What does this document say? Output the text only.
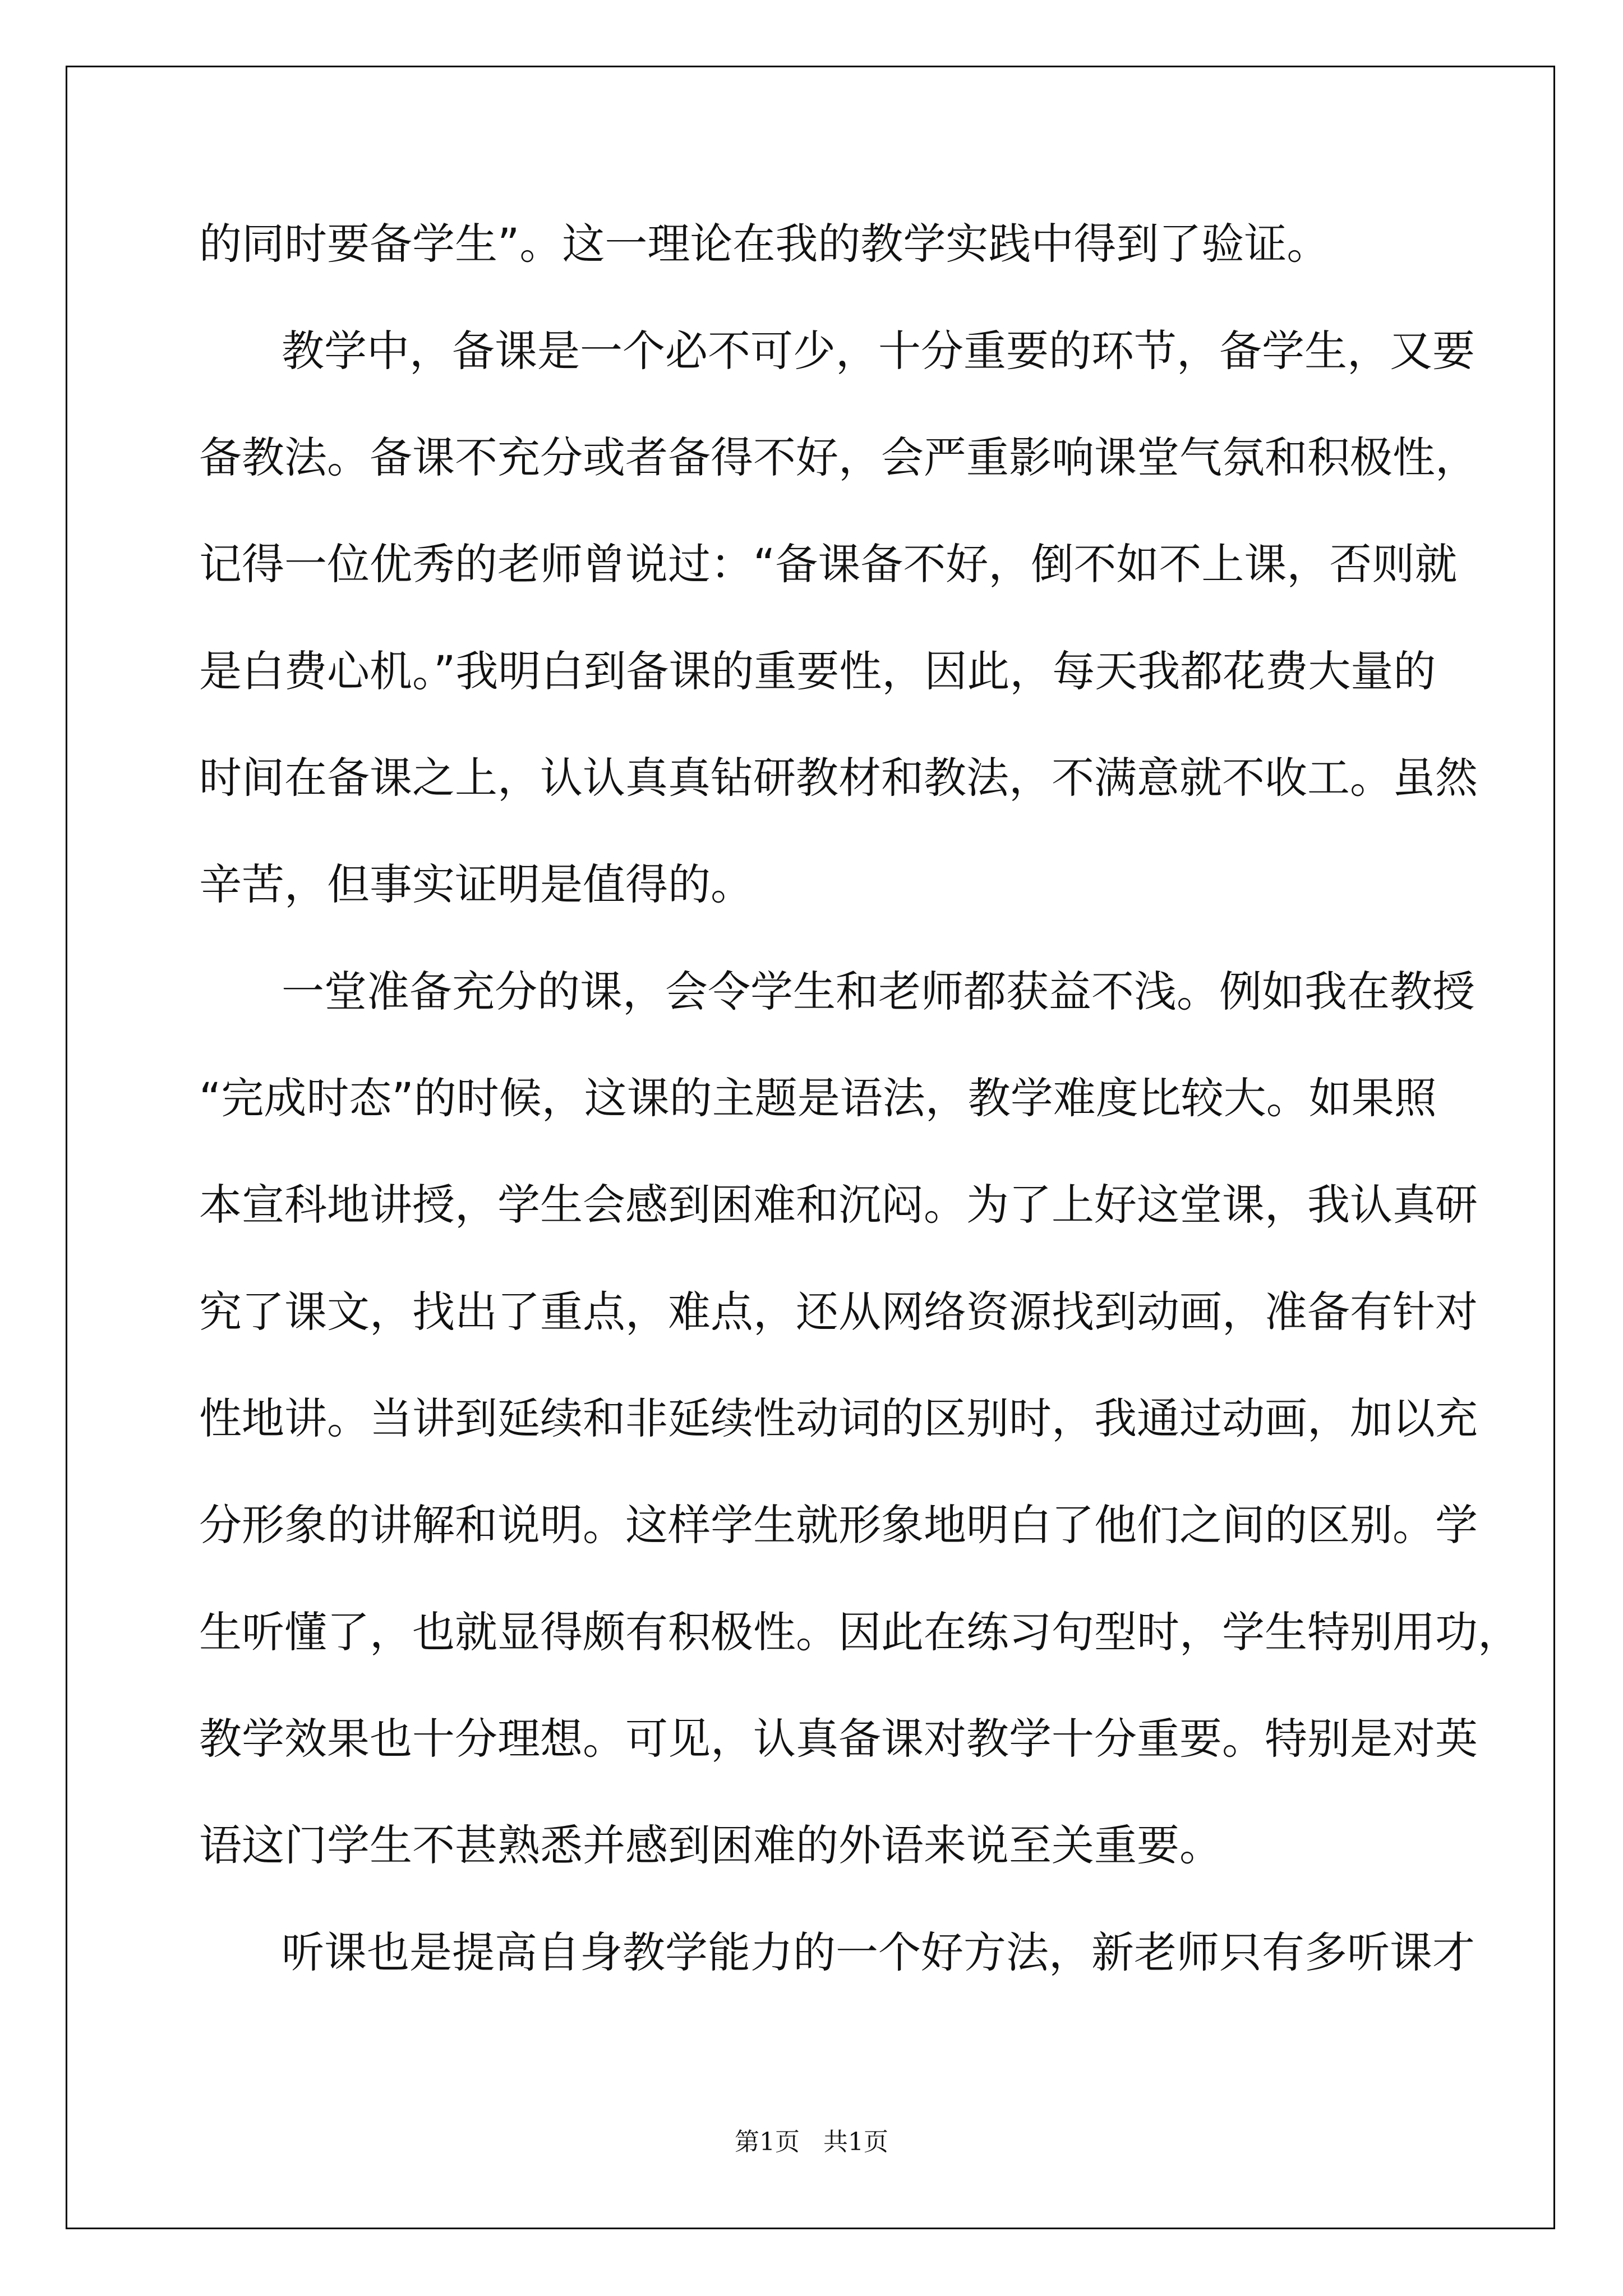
的同时要备学生”。这一理论在我的教学实践中得到了验证。
教学中，备课是一个必不可少，十分重要的环节，备学生，又要
备教法。备课不充分或者备得不好，会严重影响课堂气氛和积极性，
记得一位优秀的老师曾说过：“备课备不好，倒不如不上课，否则就
是白费心机。”我明白到备课的重要性，因此，每天我都花费大量的
时间在备课之上，认认真真钻研教材和教法，不满意就不收工。虽然
辛苦，但事实证明是值得的。
一堂准备充分的课，会令学生和老师都获益不浅。例如我在教授
“完成时态”的时候，这课的主题是语法，教学难度比较大。如果照
本宣科地讲授，学生会感到困难和沉闷。为了上好这堂课，我认真研
究了课文，找出了重点，难点，还从网络资源找到动画，准备有针对
性地讲。当讲到延续和非延续性动词的区别时，我通过动画，加以充
分形象的讲解和说明。这样学生就形象地明白了他们之间的区别。学
生听懂了，也就显得颇有积极性。因此在练习句型时，学生特别用功，
教学效果也十分理想。可见，认真备课对教学十分重要。特别是对英
语这门学生不甚熟悉并感到困难的外语来说至关重要。
听课也是提高自身教学能力的一个好方法，新老师只有多听课才
第1页   共1页
